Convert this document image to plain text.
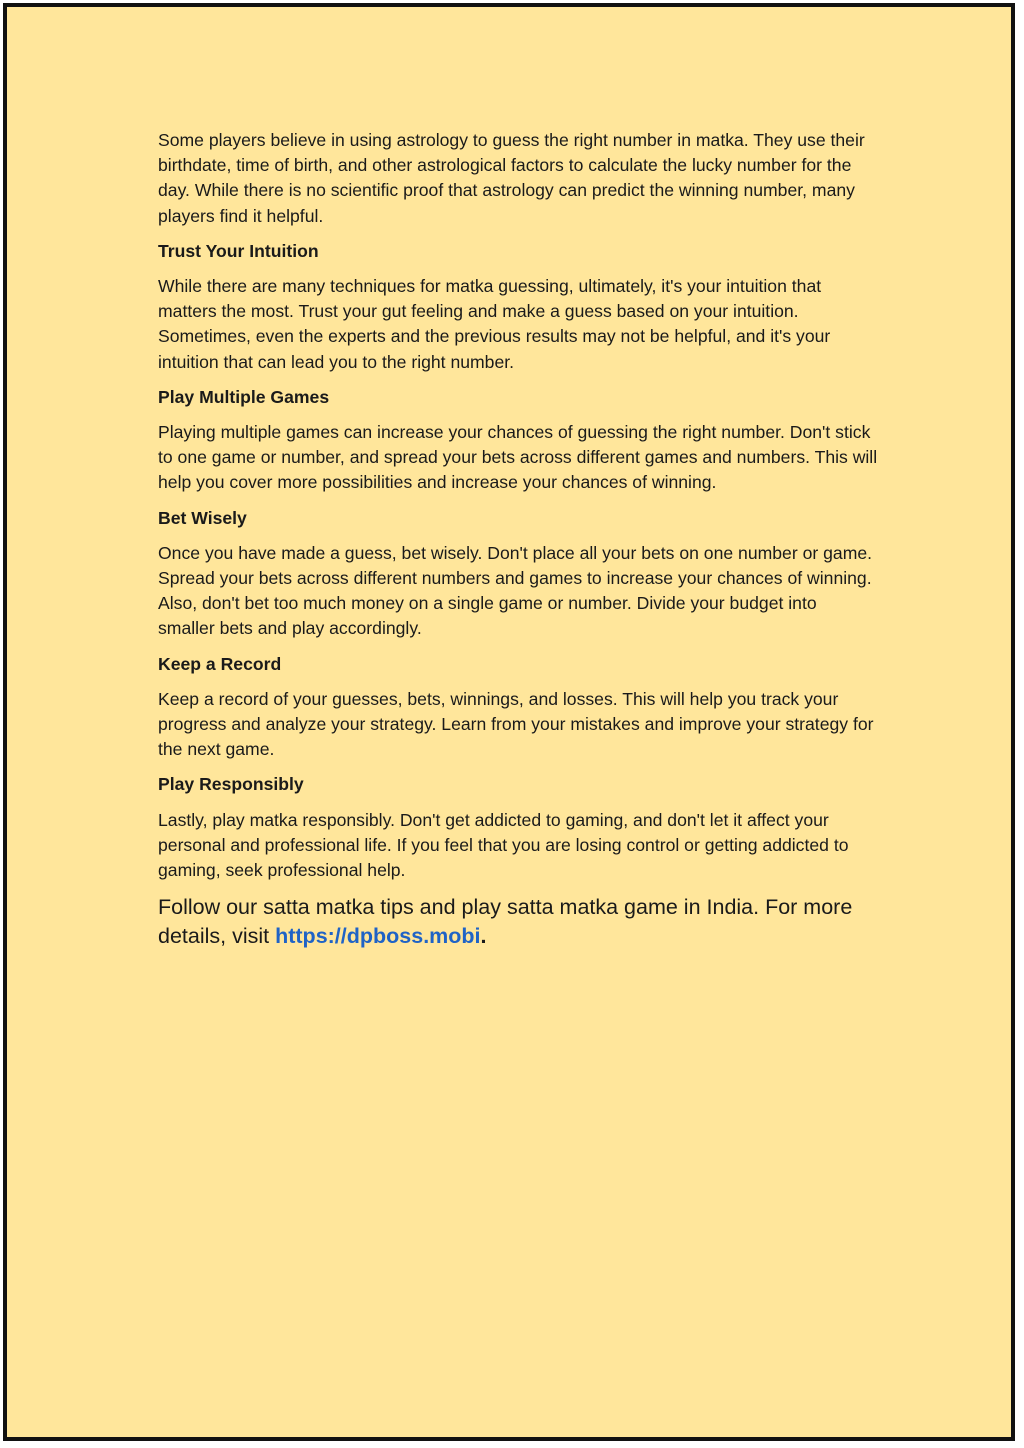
Some players believe in using astrology to guess the right number in matka. They use their birthdate, time of birth, and other astrological factors to calculate the lucky number for the day. While there is no scientific proof that astrology can predict the winning number, many players find it helpful.

Trust Your Intuition

While there are many techniques for matka guessing, ultimately, it's your intuition that matters the most. Trust your gut feeling and make a guess based on your intuition. Sometimes, even the experts and the previous results may not be helpful, and it's your intuition that can lead you to the right number.

Play Multiple Games

Playing multiple games can increase your chances of guessing the right number. Don't stick to one game or number, and spread your bets across different games and numbers. This will help you cover more possibilities and increase your chances of winning.

Bet Wisely

Once you have made a guess, bet wisely. Don't place all your bets on one number or game. Spread your bets across different numbers and games to increase your chances of winning. Also, don't bet too much money on a single game or number. Divide your budget into smaller bets and play accordingly.

Keep a Record

Keep a record of your guesses, bets, winnings, and losses. This will help you track your progress and analyze your strategy. Learn from your mistakes and improve your strategy for the next game.

Play Responsibly

Lastly, play matka responsibly. Don't get addicted to gaming, and don't let it affect your personal and professional life. If you feel that you are losing control or getting addicted to gaming, seek professional help.

Follow our satta matka tips and play satta matka game in India. For more details, visit https://dpboss.mobi.
